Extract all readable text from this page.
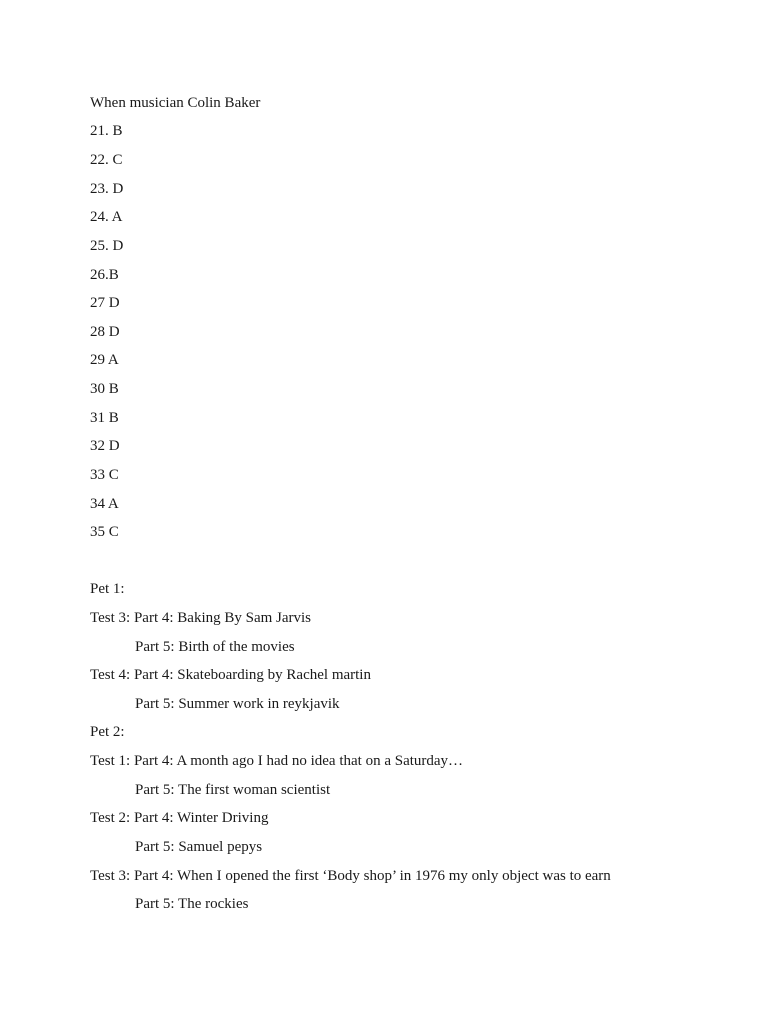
When musician Colin Baker
21. B
22. C
23. D
24. A
25. D
26.B
27 D
28 D
29 A
30 B
31 B
32 D
33 C
34 A
35 C
Pet 1:
Test 3: Part 4: Baking By Sam Jarvis
Part 5: Birth of the movies
Test 4: Part 4: Skateboarding by Rachel martin
Part 5: Summer work in reykjavik
Pet 2:
Test 1: Part 4: A month ago I had no idea that on a Saturday…
Part 5: The first woman scientist
Test 2: Part 4: Winter Driving
Part 5: Samuel pepys
Test 3: Part 4: When I opened the first ‘Body shop’ in 1976 my only object was to earn
Part 5: The rockies
